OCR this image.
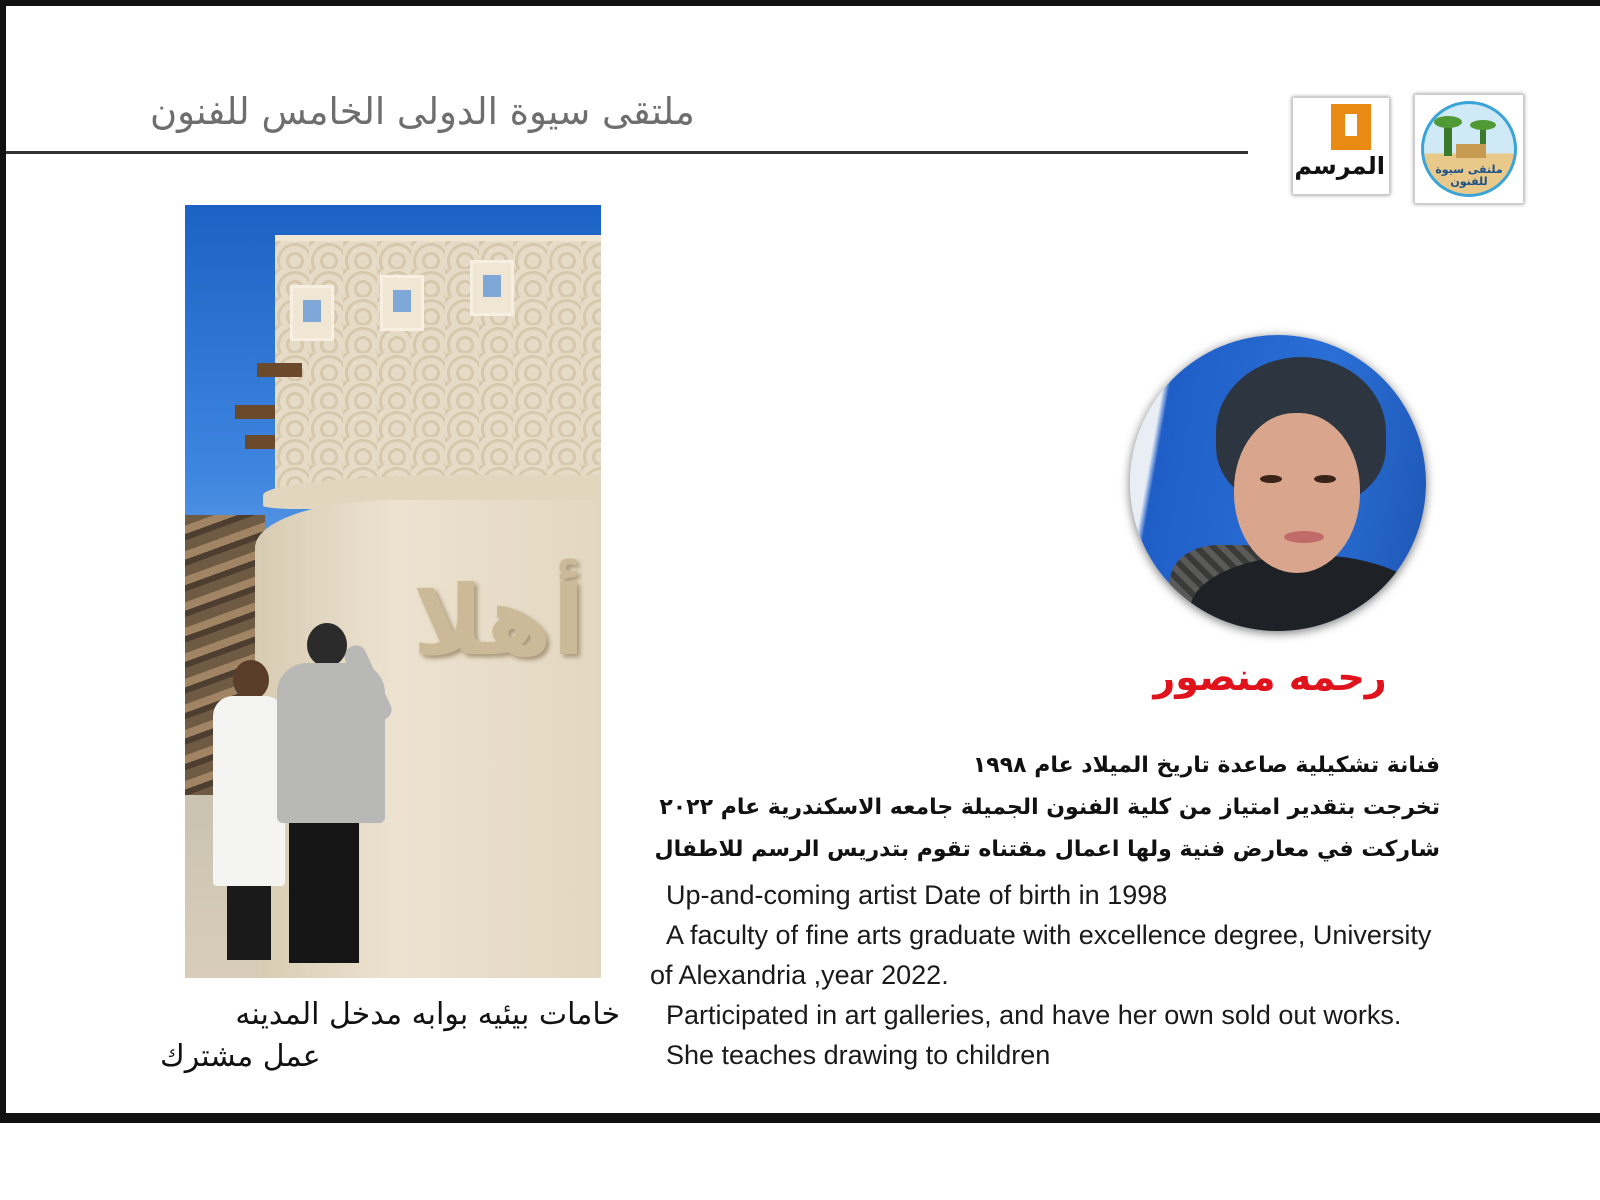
ملتقى سيوة الدولى الخامس للفنون
المرسم	ملتقى سيوة للفنون
أهلا
خامات بيئيه بوابه مدخل المدينه
عمل مشترك
رحمه منصور
فنانة تشكيلية صاعدة تاريخ الميلاد عام ١٩٩٨
تخرجت بتقدير امتياز من كلية الفنون الجميلة جامعه الاسكندرية عام ٢٠٢٢
شاركت في معارض فنية ولها اعمال مقتناه تقوم بتدريس الرسم للاطفال
Up-and-coming artist Date of birth in 1998
A faculty of fine arts graduate with excellence degree, University
of Alexandria ,year 2022.
Participated in art galleries, and have her own sold out works.
She teaches drawing to children
